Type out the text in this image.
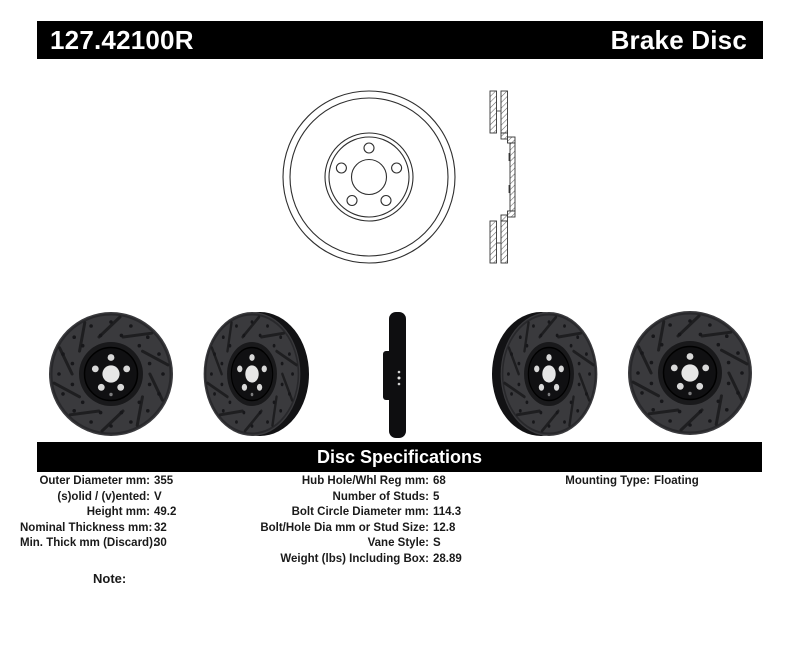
127.42100R	Brake Disc
Disc Specifications
Outer Diameter mm: 355
(s)olid / (v)ented: V
Height mm: 49.2
Nominal Thickness mm: 32
Min. Thick mm (Discard):
30
Hub Hole/Whl Reg mm: 68
Number of Studs: 5
Bolt Circle Diameter mm: 114.3
Bolt/Hole Dia mm or Stud Size: 12.8
Vane Style: S
Weight (lbs) Including Box: 28.89
Mounting Type: Floating
Note:
